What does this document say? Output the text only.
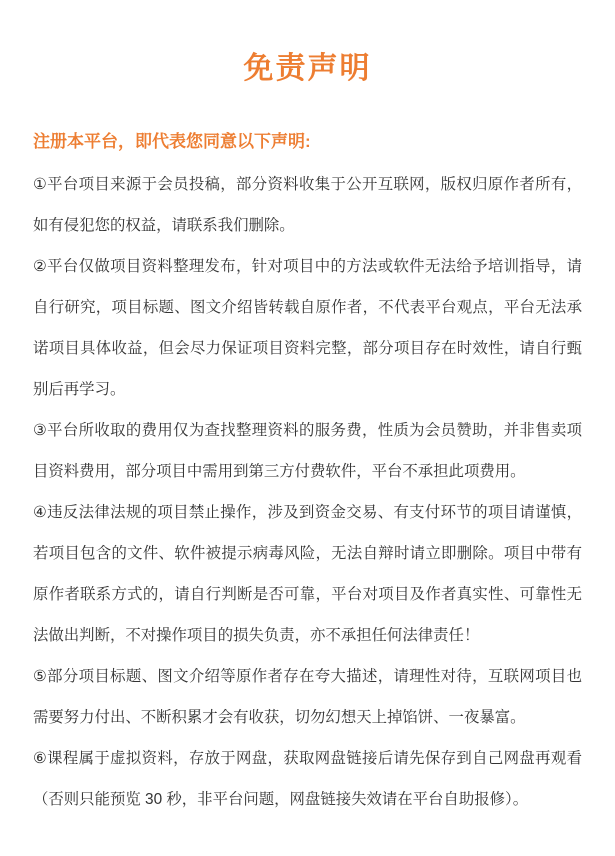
免责声明

注册本平台，即代表您同意以下声明:

①平台项目来源于会员投稿，部分资料收集于公开互联网，版权归原作者所有，如有侵犯您的权益，请联系我们删除。

②平台仅做项目资料整理发布，针对项目中的方法或软件无法给予培训指导，请自行研究，项目标题、图文介绍皆转载自原作者，不代表平台观点，平台无法承诺项目具体收益，但会尽力保证项目资料完整，部分项目存在时效性，请自行甄别后再学习。

③平台所收取的费用仅为查找整理资料的服务费，性质为会员赞助，并非售卖项目资料费用，部分项目中需用到第三方付费软件，平台不承担此项费用。

④违反法律法规的项目禁止操作，涉及到资金交易、有支付环节的项目请谨慎，若项目包含的文件、软件被提示病毒风险，无法自辩时请立即删除。项目中带有原作者联系方式的，请自行判断是否可靠，平台对项目及作者真实性、可靠性无法做出判断，不对操作项目的损失负责，亦不承担任何法律责任！

⑤部分项目标题、图文介绍等原作者存在夸大描述，请理性对待，互联网项目也需要努力付出、不断积累才会有收获，切勿幻想天上掉馅饼、一夜暴富。

⑥课程属于虚拟资料，存放于网盘，获取网盘链接后请先保存到自己网盘再观看（否则只能预览 30 秒，非平台问题，网盘链接失效请在平台自助报修）。
